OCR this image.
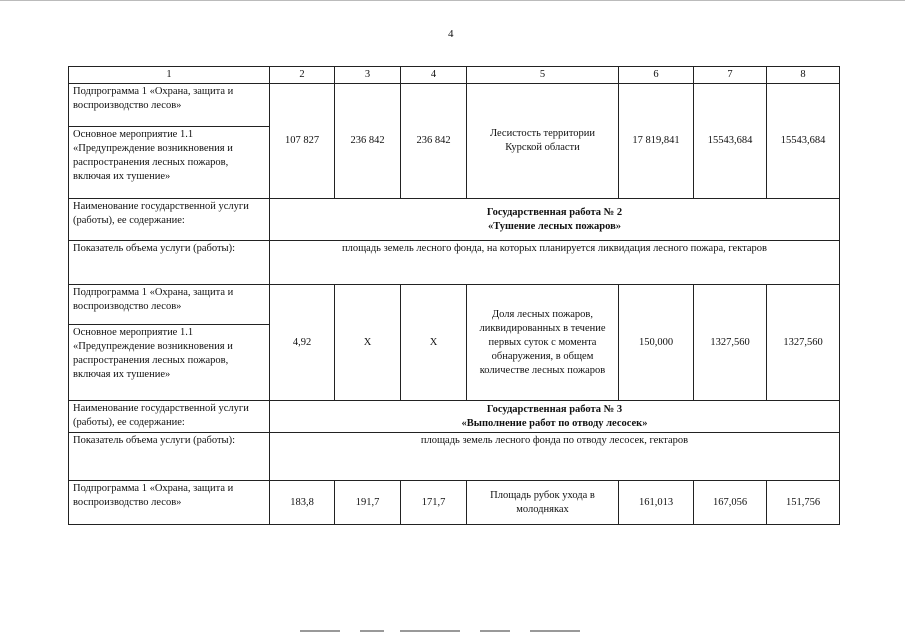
4
1	2	3	4	5	6	7	8
Подпрограмма 1 «Охрана, защита и воспроизводство лесов»	107 827	236 842	236 842	Лесистость территории Курской области	17 819,841	15543,684	15543,684
Основное мероприятие 1.1 «Предупреждение возникновения и распространения лесных пожаров, включая их тушение»							
Наименование государственной услуги (работы), ее содержание:	Государственная работа № 2
«Тушение лесных пожаров»						

Показатель объема услуги (работы):	площадь земель лесного фонда, на которых планируется ликвидация лесного пожара, гектаров						
Подпрограмма 1 «Охрана, защита и воспроизводство лесов»	4,92	X	X	Доля лесных пожаров, ликвидированных в течение первых суток с момента обнаружения, в общем количестве лесных пожаров	150,000	1327,560	1327,560
Основное мероприятие 1.1 «Предупреждение возникновения и распространения лесных пожаров, включая их тушение»							
Наименование государственной услуги (работы), ее содержание:	Государственная работа № 3
«Выполнение работ по отводу лесосек»						

Показатель объема услуги (работы):	площадь земель лесного фонда по отводу лесосек, гектаров						
Подпрограмма 1 «Охрана, защита и воспроизводство лесов»	183,8	191,7	171,7	Площадь рубок ухода в молодняках	161,013	167,056	151,756
